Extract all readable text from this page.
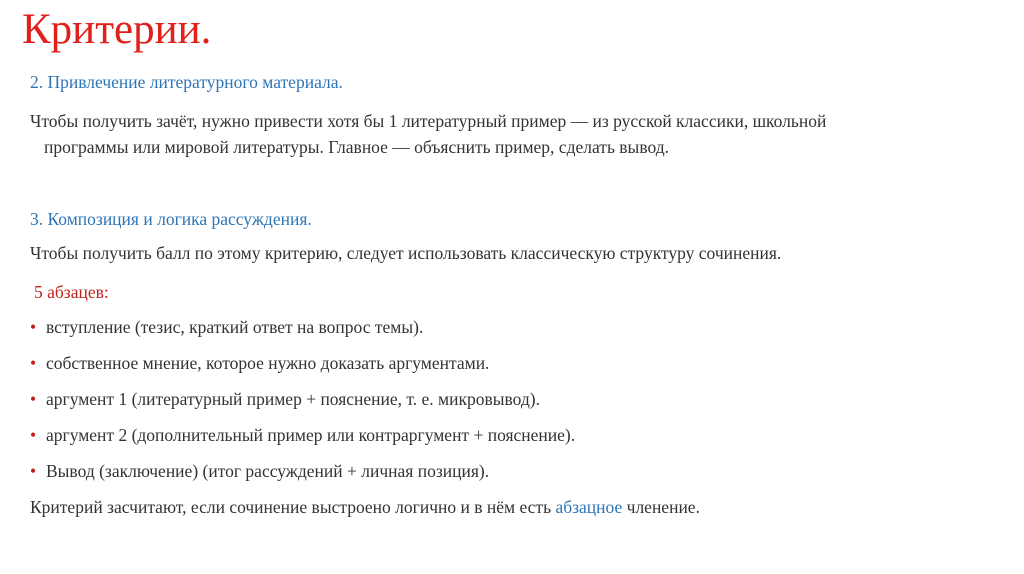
Критерии.
2. Привлечение литературного материала.
Чтобы получить зачёт, нужно привести хотя бы 1 литературный пример — из русской классики, школьной
программы или мировой литературы. Главное — объяснить пример, сделать вывод.
3. Композиция и логика рассуждения.
Чтобы получить балл по этому критерию, следует использовать классическую структуру сочинения.
5 абзацев:
• вступление (тезис, краткий ответ на вопрос темы).
• собственное мнение, которое нужно доказать аргументами.
• аргумент 1 (литературный пример + пояснение, т. е. микровывод).
• аргумент 2 (дополнительный пример или контраргумент + пояснение).
• Вывод (заключение) (итог рассуждений + личная позиция).
Критерий засчитают, если сочинение выстроено логично и в нём есть абзацное членение.
